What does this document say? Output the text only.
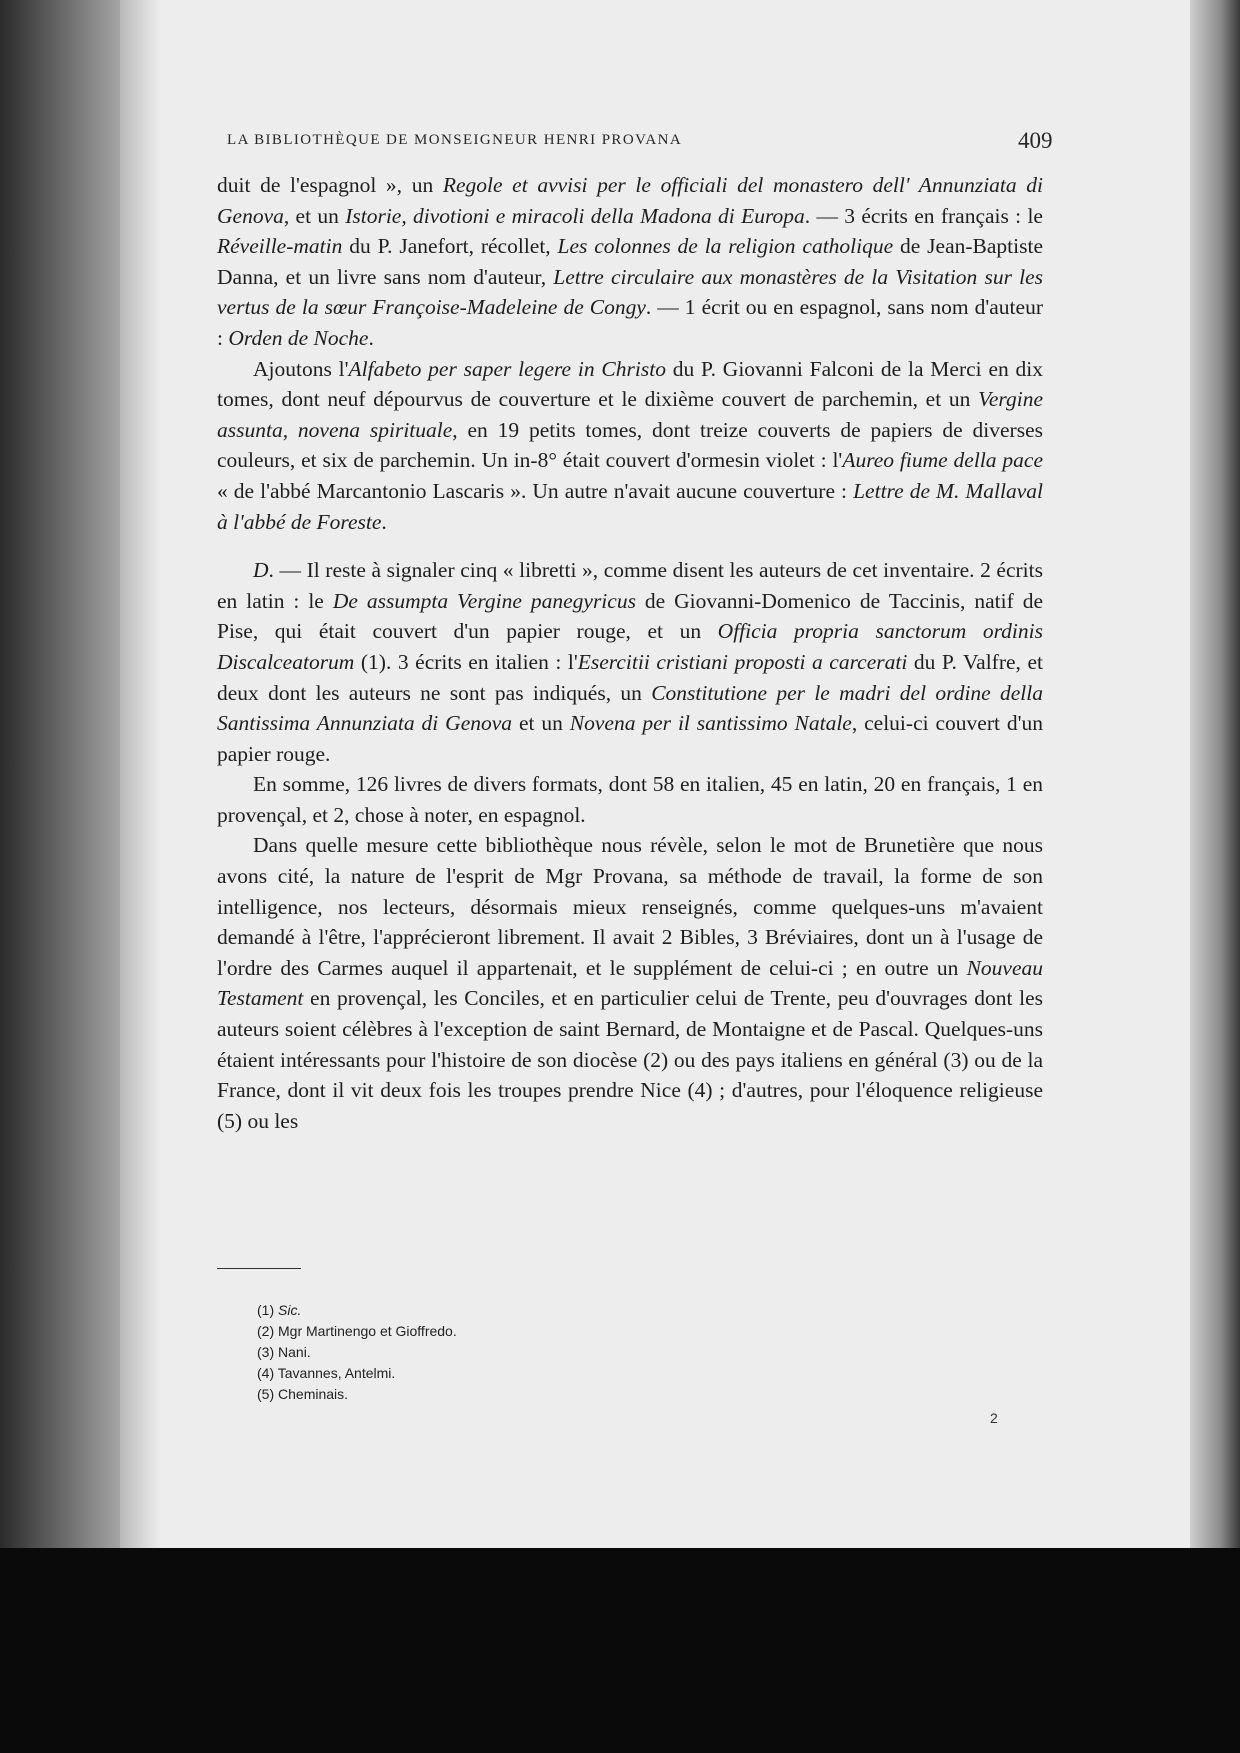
LA BIBLIOTHÈQUE DE MONSEIGNEUR HENRI PROVANA	409

duit de l'espagnol », un Regole et avvisi per le officiali del monastero dell' Annunziata di Genova, et un Istorie, divotioni e miracoli della Madona di Europa. — 3 écrits en français : le Réveille-matin du P. Janefort, récollet, Les colonnes de la religion catholique de Jean-Baptiste Danna, et un livre sans nom d'auteur, Lettre circulaire aux monastères de la Visitation sur les vertus de la sœur Françoise-Madeleine de Congy. — 1 écrit ou en espagnol, sans nom d'auteur : Orden de Noche.

Ajoutons l'Alfabeto per saper legere in Christo du P. Giovanni Falconi de la Merci en dix tomes, dont neuf dépourvus de couverture et le dixième couvert de parchemin, et un Vergine assunta, novena spirituale, en 19 petits tomes, dont treize couverts de papiers de diverses couleurs, et six de parchemin. Un in-8° était couvert d'ormesin violet : l'Aureo fiume della pace « de l'abbé Marcantonio Lascaris ». Un autre n'avait aucune couverture : Lettre de M. Mallaval à l'abbé de Foreste.

D. — Il reste à signaler cinq « libretti », comme disent les auteurs de cet inventaire. 2 écrits en latin : le De assumpta Vergine panegyricus de Giovanni-Domenico de Taccinis, natif de Pise, qui était couvert d'un papier rouge, et un Officia propria sanctorum ordinis Discalceatorum (1). 3 écrits en italien : l'Esercitii cristiani proposti a carcerati du P. Valfre, et deux dont les auteurs ne sont pas indiqués, un Constitutione per le madri del ordine della Santissima Annunziata di Genova et un Novena per il santissimo Natale, celui-ci couvert d'un papier rouge.

En somme, 126 livres de divers formats, dont 58 en italien, 45 en latin, 20 en français, 1 en provençal, et 2, chose à noter, en espagnol.

Dans quelle mesure cette bibliothèque nous révèle, selon le mot de Brunetière que nous avons cité, la nature de l'esprit de Mgr Provana, sa méthode de travail, la forme de son intelligence, nos lecteurs, désormais mieux renseignés, comme quelques-uns m'avaient demandé à l'être, l'apprécieront librement. Il avait 2 Bibles, 3 Bréviaires, dont un à l'usage de l'ordre des Carmes auquel il appartenait, et le supplément de celui-ci ; en outre un Nouveau Testament en provençal, les Conciles, et en particulier celui de Trente, peu d'ouvrages dont les auteurs soient célèbres à l'exception de saint Bernard, de Montaigne et de Pascal. Quelques-uns étaient intéressants pour l'histoire de son diocèse (2) ou des pays italiens en général (3) ou de la France, dont il vit deux fois les troupes prendre Nice (4) ; d'autres, pour l'éloquence religieuse (5) ou les

(1) Sic.
(2) Mgr Martinengo et Gioffredo.
(3) Nani.
(4) Tavannes, Antelmi.
(5) Cheminais.
2
